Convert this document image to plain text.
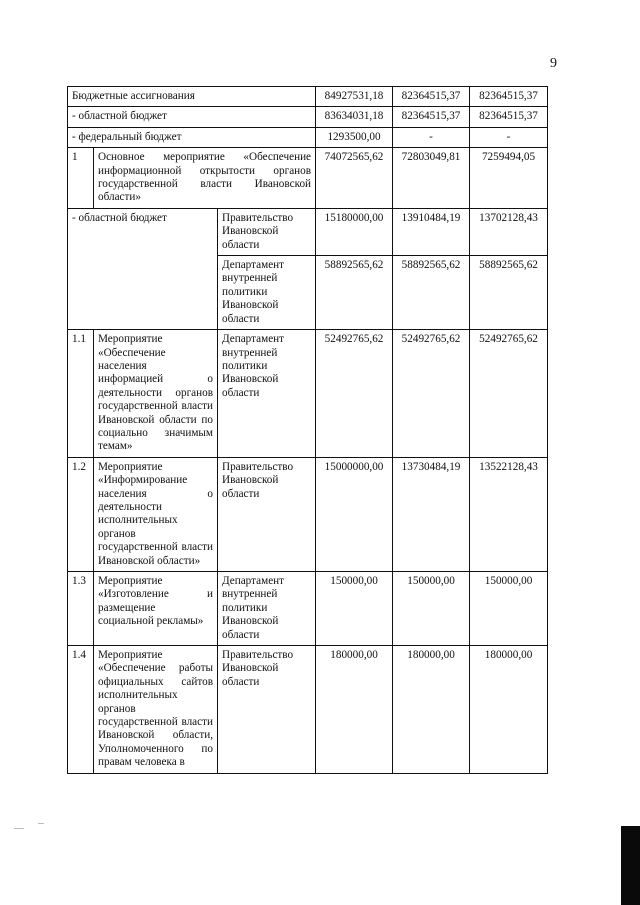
9
Бюджетные ассигнования			84927531,18	82364515,37	82364515,37
- областной бюджет			83634031,18	82364515,37	82364515,37
- федеральный бюджет			1293500,00	-	-
1	Основное мероприятие «Обеспечение информационной открытости органов государственной власти Ивановской области»		74072565,62	72803049,81	7259494,05
- областной бюджет		Правительство Ивановской области	15180000,00	13910484,19	13702128,43
		Департамент внутренней политики Ивановской области	58892565,62	58892565,62	58892565,62
1.1	Мероприятие «Обеспечение населения информацией о деятельности органов государственной власти Ивановской области по социально значимым темам»	Департамент внутренней политики Ивановской области	52492765,62	52492765,62	52492765,62
1.2	Мероприятие «Информирование населения о деятельности исполнительных органов государственной власти Ивановской области»	Правительство Ивановской области	15000000,00	13730484,19	13522128,43
1.3	Мероприятие «Изготовление и размещение социальной рекламы»	Департамент внутренней политики Ивановской области	150000,00	150000,00	150000,00
1.4	Мероприятие «Обеспечение работы официальных сайтов исполнительных органов государственной власти Ивановской области, Уполномоченного по правам человека в	Правительство Ивановской области	180000,00	180000,00	180000,00
